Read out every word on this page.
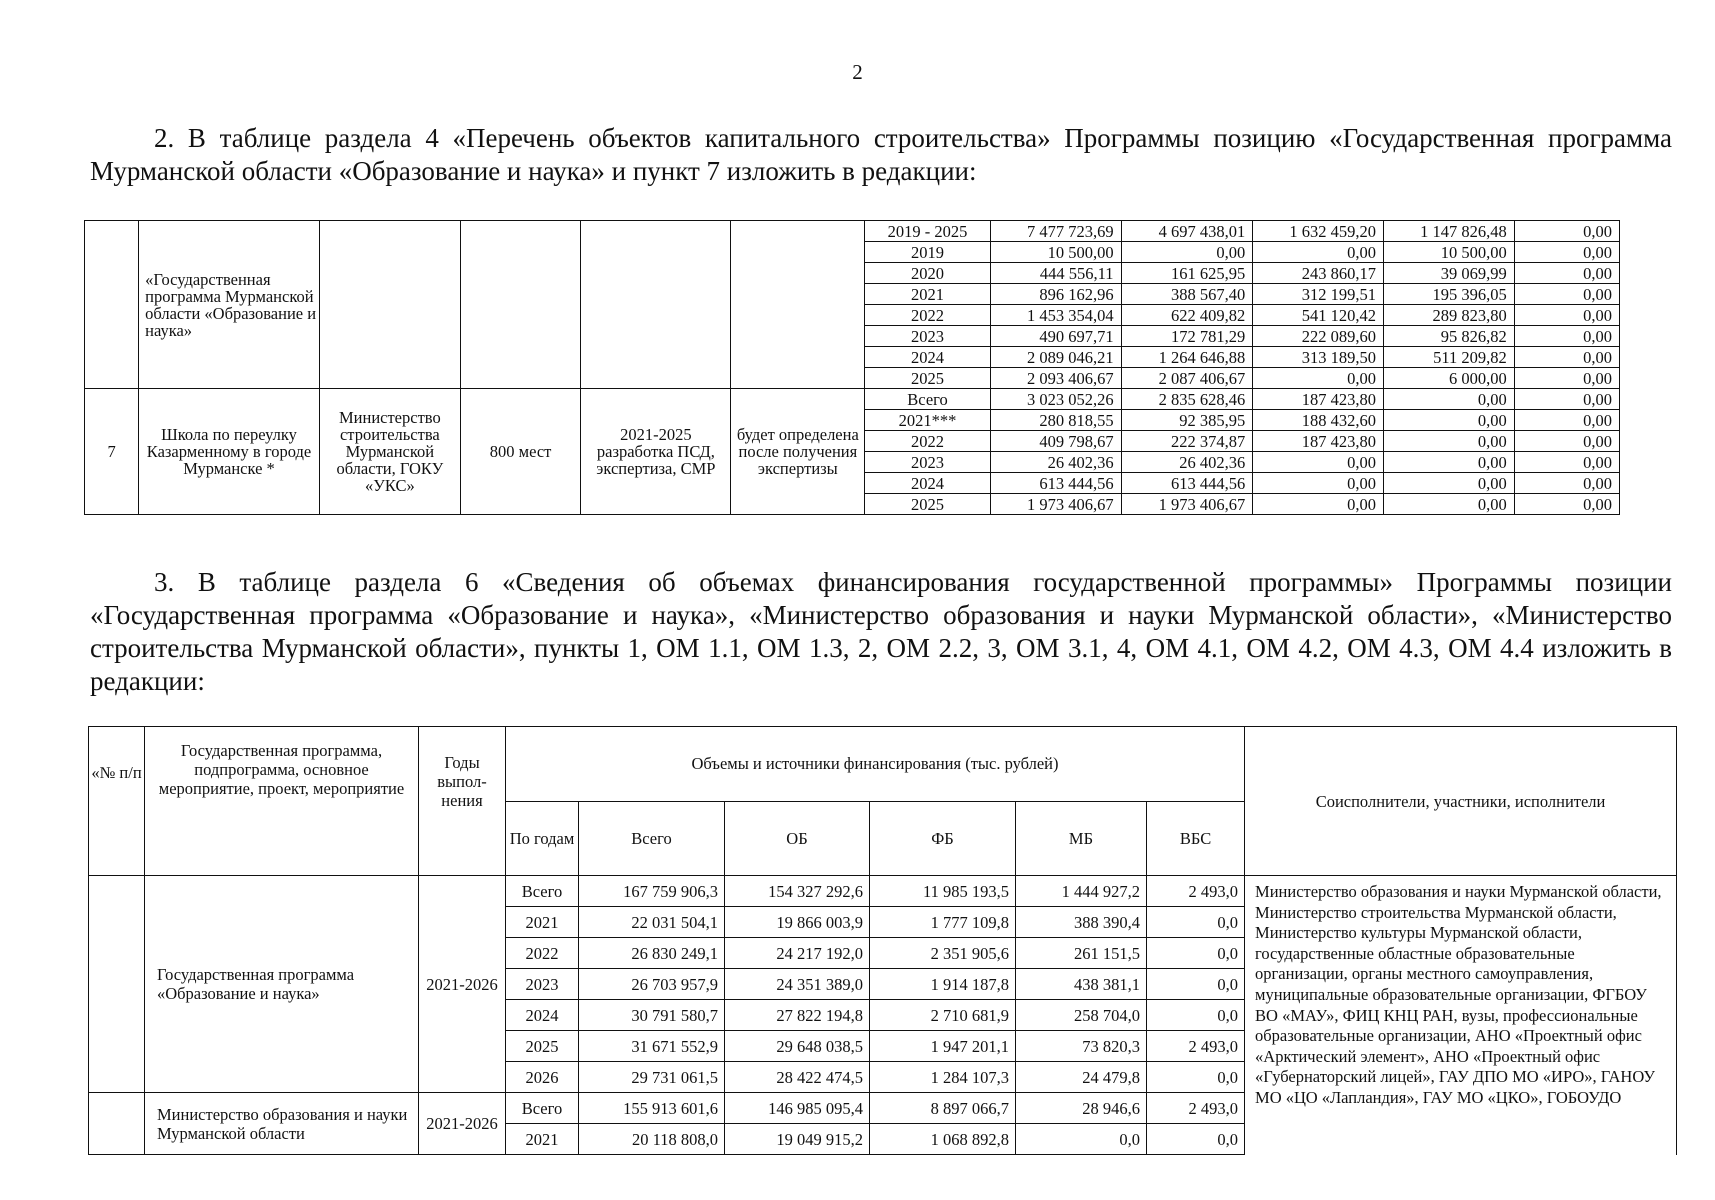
2
2. В таблице раздела 4 «Перечень объектов капитального строительства» Программы позицию «Государственная программа Мурманской области «Образование и наука» и пункт 7 изложить в редакции:
	«Государственная программа Мурманской области «Образование и наука»					2019 - 2025	7 477 723,69	4 697 438,01	1 632 459,20	1 147 826,48	0,00
						2019	10 500,00	0,00	0,00	10 500,00	0,00
						2020	444 556,11	161 625,95	243 860,17	39 069,99	0,00
						2021	896 162,96	388 567,40	312 199,51	195 396,05	0,00
						2022	1 453 354,04	622 409,82	541 120,42	289 823,80	0,00
						2023	490 697,71	172 781,29	222 089,60	95 826,82	0,00
						2024	2 089 046,21	1 264 646,88	313 189,50	511 209,82	0,00
						2025	2 093 406,67	2 087 406,67	0,00	6 000,00	0,00
7	Школа по переулку Казарменному в городе Мурманске *	Министерство строительства Мурманской области, ГОКУ «УКС»	800 мест	2021-2025 разработка ПСД, экспертиза, СМР	будет определена после получения экспертизы	Всего	3 023 052,26	2 835 628,46	187 423,80	0,00	0,00
						2021***	280 818,55	92 385,95	188 432,60	0,00	0,00
						2022	409 798,67	222 374,87	187 423,80	0,00	0,00
						2023	26 402,36	26 402,36	0,00	0,00	0,00
						2024	613 444,56	613 444,56	0,00	0,00	0,00
						2025	1 973 406,67	1 973 406,67	0,00	0,00	0,00
3. В таблице раздела 6 «Сведения об объемах финансирования государственной программы» Программы позиции «Государственная программа «Образование и наука», «Министерство образования и науки Мурманской области», «Министерство строительства Мурманской области», пункты 1, ОМ 1.1, ОМ 1.3, 2, ОМ 2.2, 3, ОМ 3.1, 4, ОМ 4.1, ОМ 4.2, ОМ 4.3, ОМ 4.4 изложить в редакции:
«№ п/п	Государственная программа, подпрограмма, основное мероприятие, проект, мероприятие	Годы выпол-нения	Объемы и источники финансирования (тыс. рублей)						Соисполнители, участники, исполнители
			По годам	Всего	ОБ	ФБ	МБ	ВБС	
	Государственная программа «Образование и наука»	2021-2026	Всего	167 759 906,3	154 327 292,6	11 985 193,5	1 444 927,2	2 493,0	Министерство образования и науки Мурманской области, Министерство строительства Мурманской области, Министерство культуры Мурманской области, государственные областные образовательные организации, органы местного самоуправления, муниципальные образовательные организации, ФГБОУ ВО «МАУ», ФИЦ КНЦ РАН, вузы, профессиональные образовательные организации, АНО «Проектный офис «Арктический элемент», АНО «Проектный офис «Губернаторский лицей», ГАУ ДПО МО «ИРО», ГАНОУ МО «ЦО «Лапландия», ГАУ МО «ЦКО», ГОБОУДО
			2021	22 031 504,1	19 866 003,9	1 777 109,8	388 390,4	0,0	
			2022	26 830 249,1	24 217 192,0	2 351 905,6	261 151,5	0,0	
			2023	26 703 957,9	24 351 389,0	1 914 187,8	438 381,1	0,0	
			2024	30 791 580,7	27 822 194,8	2 710 681,9	258 704,0	0,0	
			2025	31 671 552,9	29 648 038,5	1 947 201,1	73 820,3	2 493,0	
			2026	29 731 061,5	28 422 474,5	1 284 107,3	24 479,8	0,0	
	Министерство образования и науки Мурманской области	2021-2026	Всего	155 913 601,6	146 985 095,4	8 897 066,7	28 946,6	2 493,0	
			2021	20 118 808,0	19 049 915,2	1 068 892,8	0,0	0,0	
